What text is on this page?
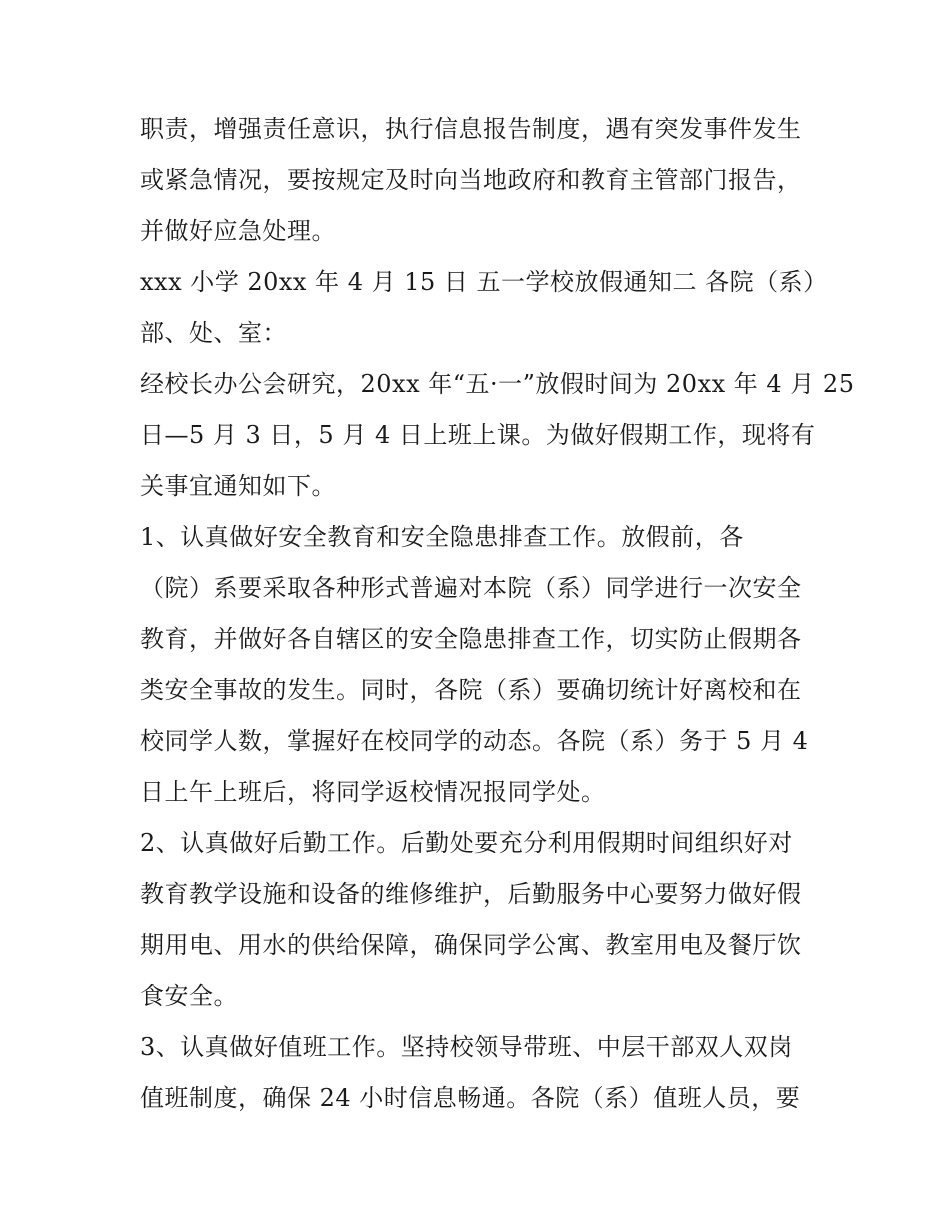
职责，增强责任意识，执行信息报告制度，遇有突发事件发生
或紧急情况，要按规定及时向当地政府和教育主管部门报告，
并做好应急处理。
xxx 小学 20xx 年 4 月 15 日 五一学校放假通知二 各院（系）
部、处、室：
经校长办公会研究，20xx 年“五·一”放假时间为 20xx 年 4 月 25
日—5 月 3 日，5 月 4 日上班上课。为做好假期工作，现将有
关事宜通知如下。
1、认真做好安全教育和安全隐患排查工作。放假前，各
（院）系要采取各种形式普遍对本院（系）同学进行一次安全
教育，并做好各自辖区的安全隐患排查工作，切实防止假期各
类安全事故的发生。同时，各院（系）要确切统计好离校和在
校同学人数，掌握好在校同学的动态。各院（系）务于 5 月 4
日上午上班后，将同学返校情况报同学处。
2、认真做好后勤工作。后勤处要充分利用假期时间组织好对
教育教学设施和设备的维修维护，后勤服务中心要努力做好假
期用电、用水的供给保障，确保同学公寓、教室用电及餐厅饮
食安全。
3、认真做好值班工作。坚持校领导带班、中层干部双人双岗
值班制度，确保 24 小时信息畅通。各院（系）值班人员，要
